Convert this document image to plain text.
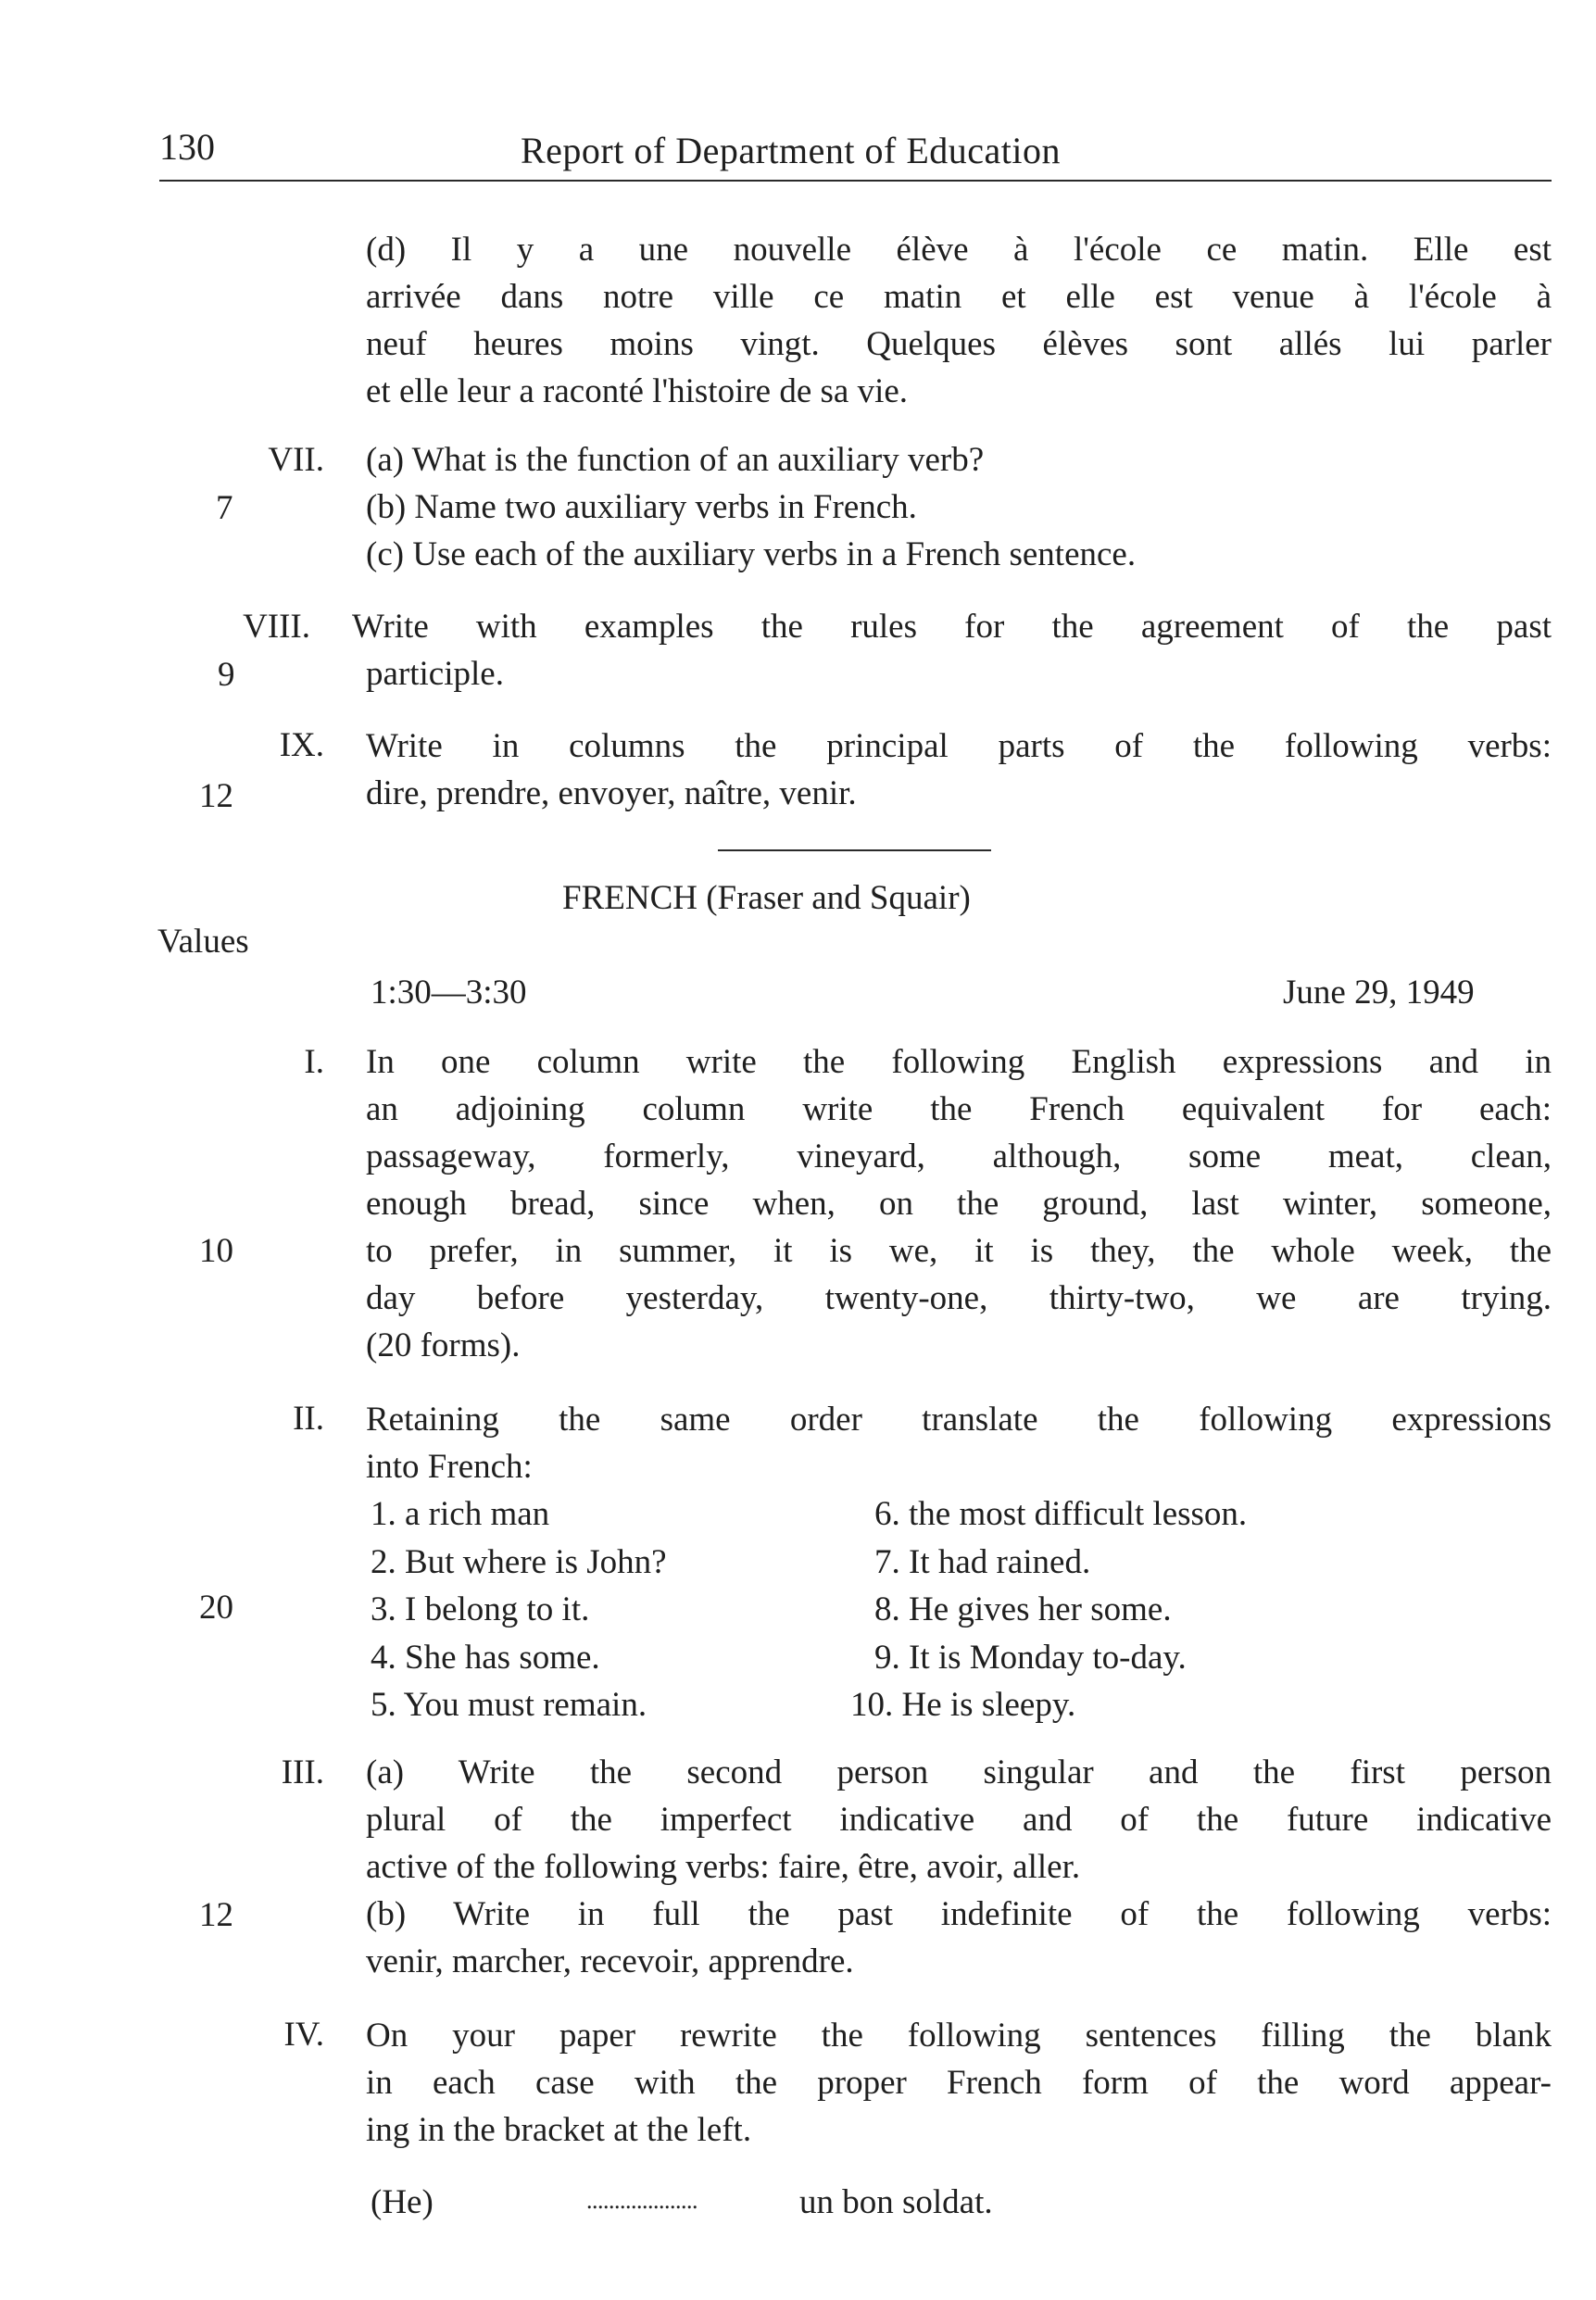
130	Report of Department of Education
(d) Il y a une nouvelle élève à l'école ce matin. Elle est
arrivée dans notre ville ce matin et elle est venue à l'école à
neuf heures moins vingt. Quelques élèves sont allés lui parler
et elle leur a raconté l'histoire de sa vie.
VII.
7
(a) What is the function of an auxiliary verb?
(b) Name two auxiliary verbs in French.
(c) Use each of the auxiliary verbs in a French sentence.
VIII.
9
Write with examples the rules for the agreement of the past
participle.
IX.
12
Write in columns the principal parts of the following verbs:
dire, prendre, envoyer, naître, venir.
FRENCH (Fraser and Squair)
Values
1:30—3:30	June 29, 1949
I.
10
In one column write the following English expressions and in
an adjoining column write the French equivalent for each:
passageway, formerly, vineyard, although, some meat, clean,
enough bread, since when, on the ground, last winter, someone,
to prefer, in summer, it is we, it is they, the whole week, the
day before yesterday, twenty-one, thirty-two, we are trying.
(20 forms).
II.
20
Retaining the same order translate the following expressions
into French:
1. a rich man
2. But where is John?
3. I belong to it.
4. She has some.
5. You must remain.
6. the most difficult lesson.
7. It had rained.
8. He gives her some.
9. It is Monday to-day.
10. He is sleepy.
III.
12
(a) Write the second person singular and the first person
plural of the imperfect indicative and of the future indicative
active of the following verbs: faire, être, avoir, aller.
(b) Write in full the past indefinite of the following verbs:
venir, marcher, recevoir, apprendre.
IV. On your paper rewrite the following sentences filling the blank
in each case with the proper French form of the word appear-
ing in the bracket at the left.
(He)	....................	un bon soldat.
